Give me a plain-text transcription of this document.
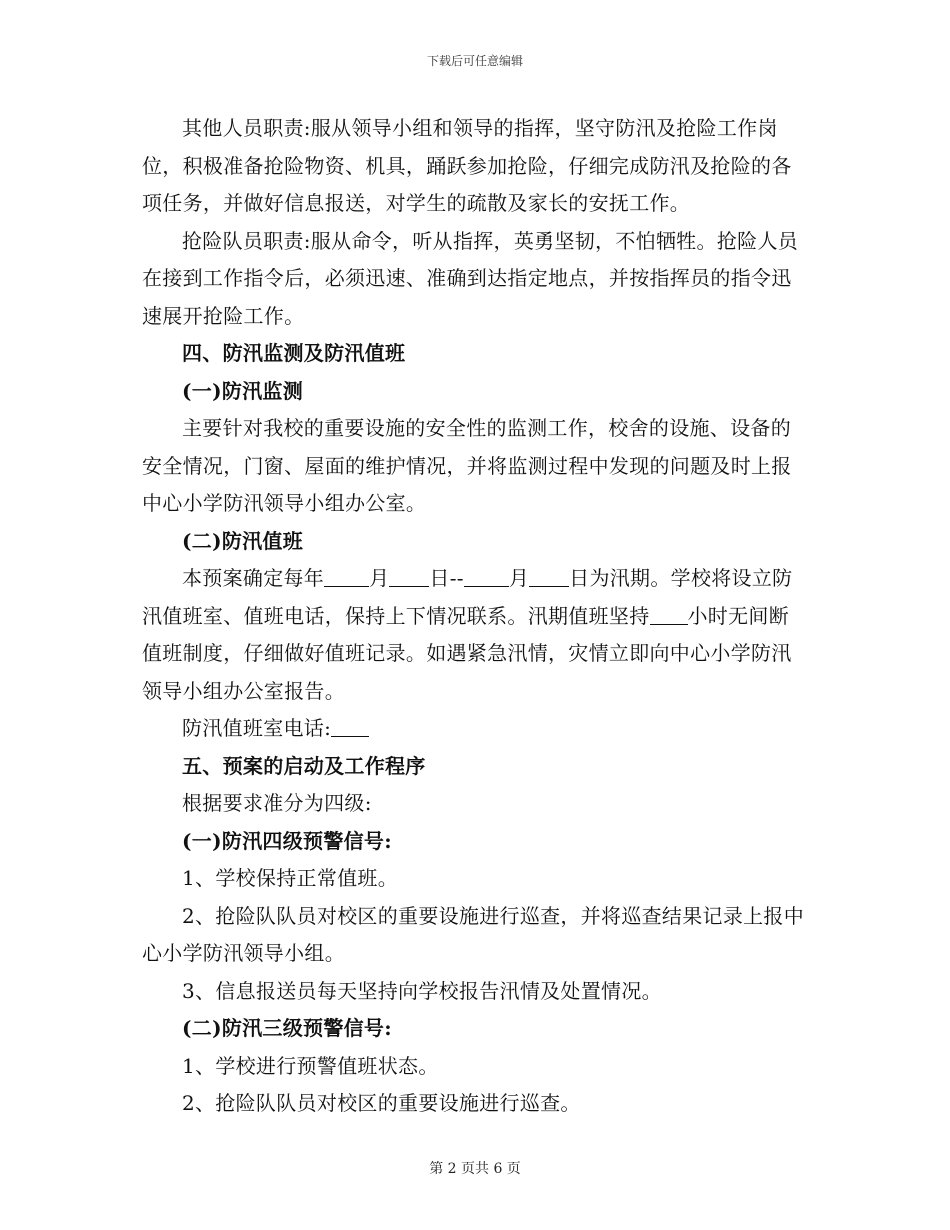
下载后可任意编辑

其他人员职责:服从领导小组和领导的指挥，坚守防汛及抢险工作岗位，积极准备抢险物资、机具，踊跃参加抢险，仔细完成防汛及抢险的各项任务，并做好信息报送，对学生的疏散及家长的安抚工作。

抢险队员职责:服从命令，听从指挥，英勇坚韧，不怕牺牲。抢险人员在接到工作指令后，必须迅速、准确到达指定地点，并按指挥员的指令迅速展开抢险工作。

四、防汛监测及防汛值班

(一)防汛监测

主要针对我校的重要设施的安全性的监测工作，校舍的设施、设备的安全情况，门窗、屋面的维护情况，并将监测过程中发现的问题及时上报中心小学防汛领导小组办公室。

(二)防汛值班

本预案确定每年 月 日-- 月 日为汛期。学校将设立防汛值班室、值班电话，保持上下情况联系。汛期值班坚持 小时无间断值班制度，仔细做好值班记录。如遇紧急汛情，灾情立即向中心小学防汛领导小组办公室报告。

防汛值班室电话:

五、预案的启动及工作程序

根据要求准分为四级:

(一)防汛四级预警信号:

1、学校保持正常值班。

2、抢险队队员对校区的重要设施进行巡查，并将巡查结果记录上报中心小学防汛领导小组。

3、信息报送员每天坚持向学校报告汛情及处置情况。

(二)防汛三级预警信号:

1、学校进行预警值班状态。

2、抢险队队员对校区的重要设施进行巡查。

第 2 页共 6 页
